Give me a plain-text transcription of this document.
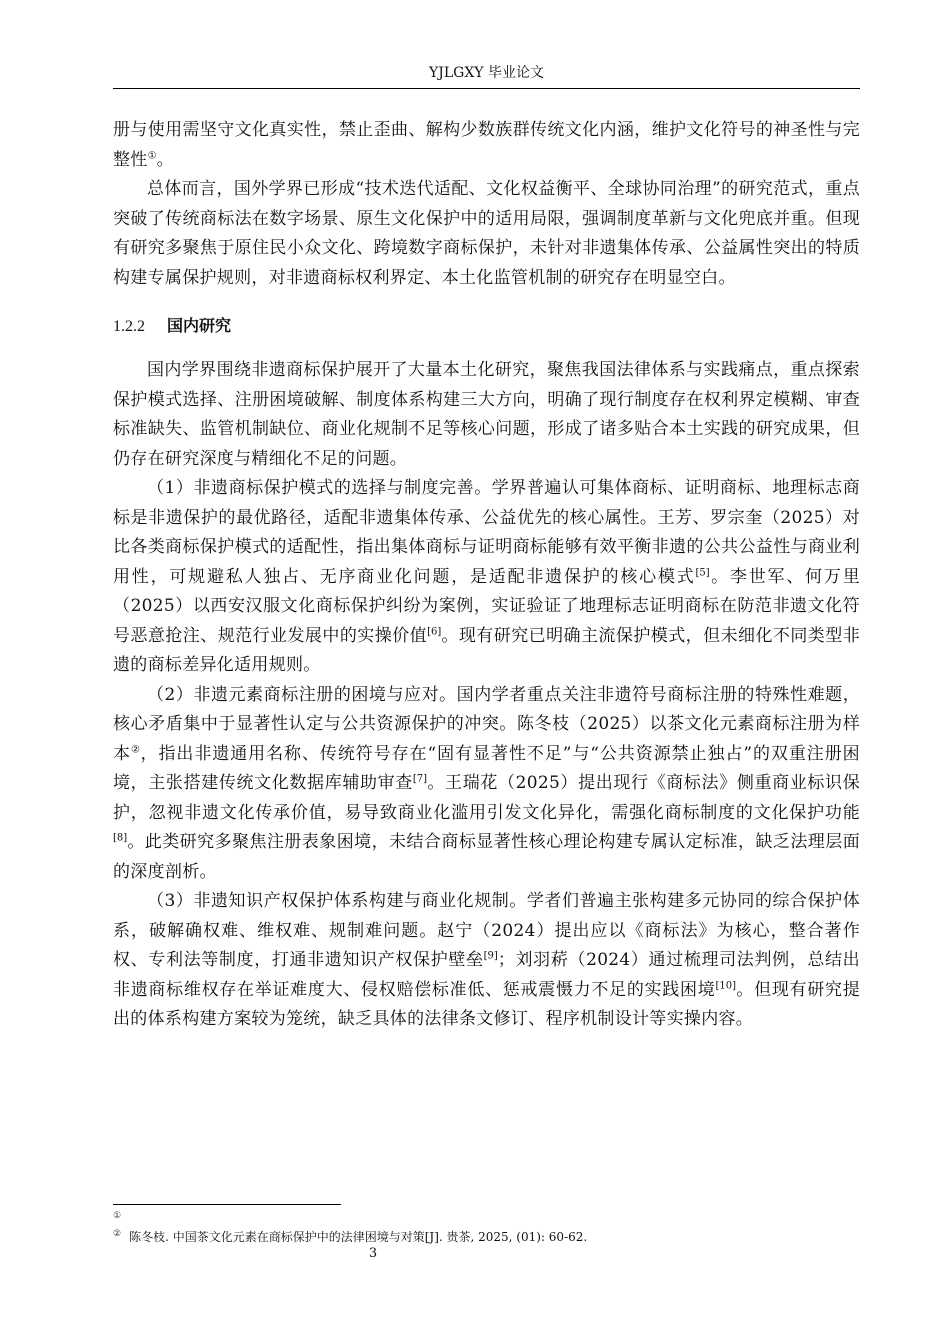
YJLGXY 毕业论文

册与使用需坚守文化真实性，禁止歪曲、解构少数族群传统文化内涵，维护文化符号的神圣性与完整性①。

总体而言，国外学界已形成“技术迭代适配、文化权益衡平、全球协同治理”的研究范式，重点突破了传统商标法在数字场景、原生文化保护中的适用局限，强调制度革新与文化兜底并重。但现有研究多聚焦于原住民小众文化、跨境数字商标保护，未针对非遗集体传承、公益属性突出的特质构建专属保护规则，对非遗商标权利界定、本土化监管机制的研究存在明显空白。

1.2.2 国内研究

国内学界围绕非遗商标保护展开了大量本土化研究，聚焦我国法律体系与实践痛点，重点探索保护模式选择、注册困境破解、制度体系构建三大方向，明确了现行制度存在权利界定模糊、审查标准缺失、监管机制缺位、商业化规制不足等核心问题，形成了诸多贴合本土实践的研究成果，但仍存在研究深度与精细化不足的问题。

（1）非遗商标保护模式的选择与制度完善。学界普遍认可集体商标、证明商标、地理标志商标是非遗保护的最优路径，适配非遗集体传承、公益优先的核心属性。王芳、罗宗奎（2025）对比各类商标保护模式的适配性，指出集体商标与证明商标能够有效平衡非遗的公共公益性与商业利用性，可规避私人独占、无序商业化问题，是适配非遗保护的核心模式[5]。李世军、何万里（2025）以西安汉服文化商标保护纠纷为案例，实证验证了地理标志证明商标在防范非遗文化符号恶意抢注、规范行业发展中的实操价值[6]。现有研究已明确主流保护模式，但未细化不同类型非遗的商标差异化适用规则。

（2）非遗元素商标注册的困境与应对。国内学者重点关注非遗符号商标注册的特殊性难题，核心矛盾集中于显著性认定与公共资源保护的冲突。陈冬枝（2025）以茶文化元素商标注册为样本②，指出非遗通用名称、传统符号存在“固有显著性不足”与“公共资源禁止独占”的双重注册困境，主张搭建传统文化数据库辅助审查[7]。王瑞花（2025）提出现行《商标法》侧重商业标识保护，忽视非遗文化传承价值，易导致商业化滥用引发文化异化，需强化商标制度的文化保护功能[8]。此类研究多聚焦注册表象困境，未结合商标显著性核心理论构建专属认定标准，缺乏法理层面的深度剖析。

（3）非遗知识产权保护体系构建与商业化规制。学者们普遍主张构建多元协同的综合保护体系，破解确权难、维权难、规制难问题。赵宁（2024）提出应以《商标法》为核心，整合著作权、专利法等制度，打通非遗知识产权保护壁垒[9]；刘羽菥（2024）通过梳理司法判例，总结出非遗商标维权存在举证难度大、侵权赔偿标准低、惩戒震慑力不足的实践困境[10]。但现有研究提出的体系构建方案较为笼统，缺乏具体的法律条文修订、程序机制设计等实操内容。

①
② 陈冬枝. 中国茶文化元素在商标保护中的法律困境与对策[J]. 贵茶, 2025, (01): 60-62.
3
